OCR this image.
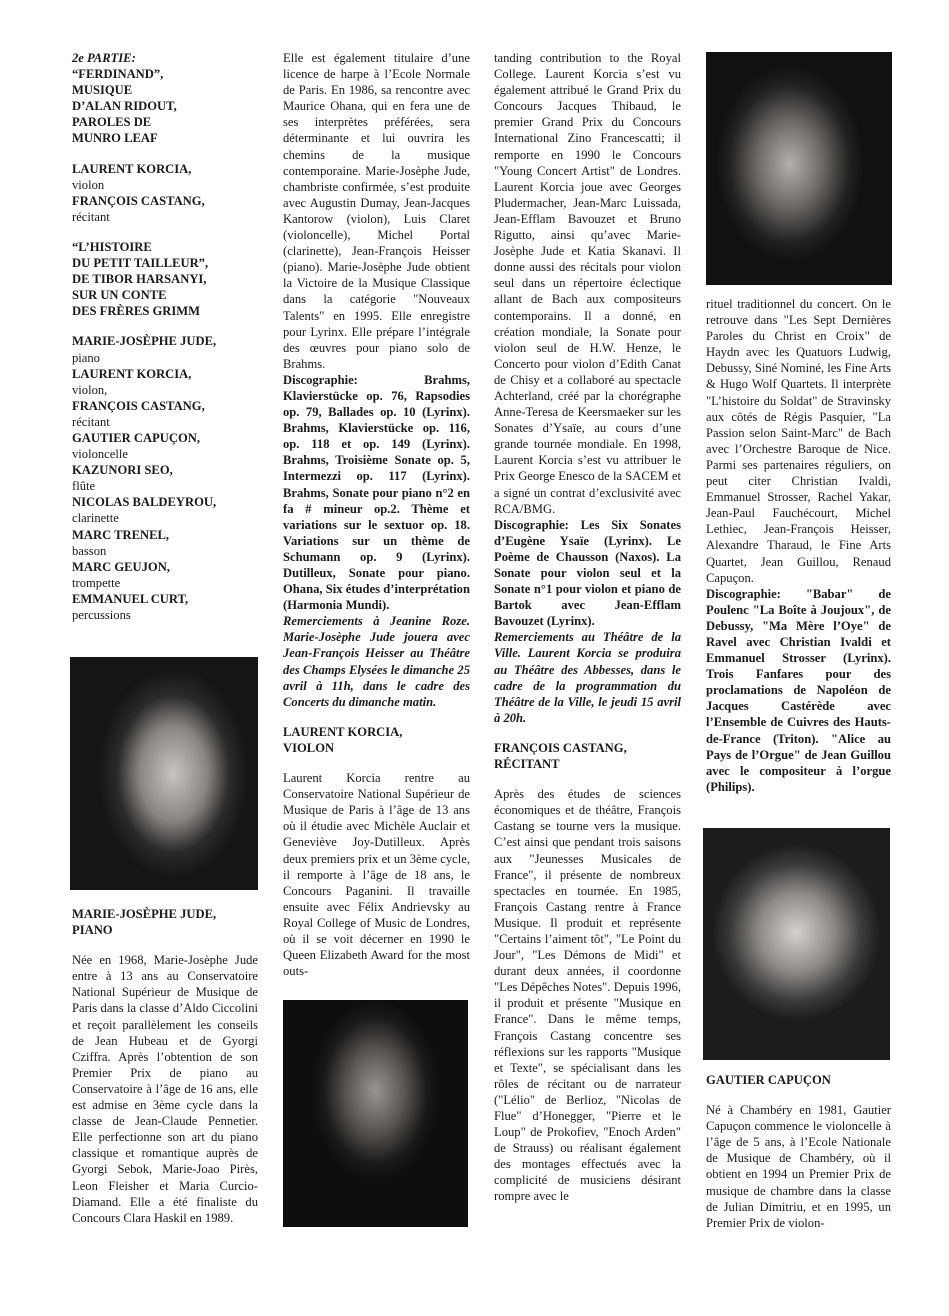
2e PARTIE:
“FERDINAND”,
MUSIQUE
D’ALAN RIDOUT,
PAROLES DE
MUNRO LEAF
LAURENT KORCIA,
violon
FRANÇOIS CASTANG,
récitant
“L’HISTOIRE
DU PETIT TAILLEUR”,
DE TIBOR HARSANYI,
SUR UN CONTE
DES FRÈRES GRIMM
MARIE-JOSÈPHE JUDE,
piano
LAURENT KORCIA,
violon,
FRANÇOIS CASTANG,
récitant
GAUTIER CAPUÇON,
violoncelle
KAZUNORI SEO,
flûte
NICOLAS BALDEYROU,
clarinette
MARC TRENEL,
basson
MARC GEUJON,
trompette
EMMANUEL CURT,
percussions
MARIE-JOSÈPHE JUDE,
PIANO

Née en 1968, Marie-Josèphe Jude entre à 13 ans au Conservatoire National Supérieur de Musique de Paris dans la classe d’Aldo Ciccolini et reçoit parallèlement les conseils de Jean Hubeau et de Gyorgi Cziffra. Après l’obtention de son Premier Prix de piano au Conservatoire à l’âge de 16 ans, elle est admise en 3ème cycle dans la classe de Jean-Claude Pennetier. Elle perfectionne son art du piano classique et romantique auprès de Gyorgi Sebok, Marie-Joao Pirès, Leon Fleisher et Maria Curcio-Diamand. Elle a été finaliste du Concours Clara Haskil en 1989.

Elle est également titulaire d’une licence de harpe à l’Ecole Normale de Paris. En 1986, sa rencontre avec Maurice Ohana, qui en fera une de ses interprètes préférées, sera déterminante et lui ouvrira les chemins de la musique contemporaine. Marie-Josèphe Jude, chambriste confirmée, s’est produite avec Augustin Dumay, Jean-Jacques Kantorow (violon), Luis Claret (violoncelle), Michel Portal (clarinette), Jean-François Heisser (piano). Marie-Josèphe Jude obtient la Victoire de la Musique Classique dans la catégorie "Nouveaux Talents" en 1995. Elle enregistre pour Lyrinx. Elle prépare l’intégrale des œuvres pour piano solo de Brahms.

Discographie: Brahms, Klavierstücke op. 76, Rapsodies op. 79, Ballades op. 10 (Lyrinx). Brahms, Klavierstücke op. 116, op. 118 et op. 149 (Lyrinx). Brahms, Troisième Sonate op. 5, Intermezzi op. 117 (Lyrinx). Brahms, Sonate pour piano n°2 en fa # mineur op.2. Thème et variations sur le sextuor op. 18. Variations sur un thème de Schumann op. 9 (Lyrinx). Dutilleux, Sonate pour piano. Ohana, Six études d’interprétation (Harmonia Mundi).

Remerciements à Jeanine Roze. Marie-Josèphe Jude jouera avec Jean-François Heisser au Théâtre des Champs Elysées le dimanche 25 avril à 11h, dans le cadre des Concerts du dimanche matin.

LAURENT KORCIA,
VIOLON

Laurent Korcia rentre au Conservatoire National Supérieur de Musique de Paris à l’âge de 13 ans où il étudie avec Michèle Auclair et Geneviève Joy-Dutilleux. Après deux premiers prix et un 3ème cycle, il remporte à l’âge de 18 ans, le Concours Paganini. Il travaille ensuite avec Félix Andrievsky au Royal College of Music de Londres, où il se voit décerner en 1990 le Queen Elizabeth Award for the most outs-

tanding contribution to the Royal College. Laurent Korcia s’est vu également attribué le Grand Prix du Concours Jacques Thibaud, le premier Grand Prix du Concours International Zino Francescatti; il remporte en 1990 le Concours "Young Concert Artist" de Londres. Laurent Korcia joue avec Georges Pludermacher, Jean-Marc Luissada, Jean-Efflam Bavouzet et Bruno Rigutto, ainsi qu’avec Marie-Josèphe Jude et Katia Skanavi. Il donne aussi des récitals pour violon seul dans un répertoire éclectique allant de Bach aux compositeurs contemporains. Il a donné, en création mondiale, la Sonate pour violon seul de H.W. Henze, le Concerto pour violon d’Edith Canat de Chisy et a collaboré au spectacle Achterland, créé par la chorégraphe Anne-Teresa de Keersmaeker sur les Sonates d’Ysaïe, au cours d’une grande tournée mondiale. En 1998, Laurent Korcia s’est vu attribuer le Prix George Enesco de la SACEM et a signé un contrat d’exclusivité avec RCA/BMG.

Discographie: Les Six Sonates d’Eugène Ysaïe (Lyrinx). Le Poème de Chausson (Naxos). La Sonate pour violon seul et la Sonate n°1 pour violon et piano de Bartok avec Jean-Efflam Bavouzet (Lyrinx).

Remerciements au Théâtre de la Ville. Laurent Korcia se produira au Théâtre des Abbesses, dans le cadre de la programmation du Théâtre de la Ville, le jeudi 15 avril à 20h.

FRANÇOIS CASTANG,
RÉCITANT

Après des études de sciences économiques et de théâtre, François Castang se tourne vers la musique. C’est ainsi que pendant trois saisons aux "Jeunesses Musicales de France", il présente de nombreux spectacles en tournée. En 1985, François Castang rentre à France Musique. Il produit et représente "Certains l’aiment tôt", "Le Point du Jour", "Les Démons de Midi" et durant deux années, il coordonne "Les Dépêches Notes". Depuis 1996, il produit et présente "Musique en France". Dans le même temps, François Castang concentre ses réflexions sur les rapports "Musique et Texte", se spécialisant dans les rôles de récitant ou de narrateur ("Lélio" de Berlioz, "Nicolas de Flue" d’Honegger, "Pierre et le Loup" de Prokofiev, "Enoch Arden" de Strauss) ou réalisant également des montages effectués avec la complicité de musiciens désirant rompre avec le

rituel traditionnel du concert. On le retrouve dans "Les Sept Dernières Paroles du Christ en Croix" de Haydn avec les Quatuors Ludwig, Debussy, Siné Nominé, les Fine Arts & Hugo Wolf Quartets. Il interprète "L’histoire du Soldat" de Stravinsky aux côtés de Régis Pasquier, "La Passion selon Saint-Marc" de Bach avec l’Orchestre Baroque de Nice. Parmi ses partenaires réguliers, on peut citer Christian Ivaldi, Emmanuel Strosser, Rachel Yakar, Jean-Paul Fauchécourt, Michel Lethiec, Jean-François Heisser, Alexandre Tharaud, le Fine Arts Quartet, Jean Guillou, Renaud Capuçon.

Discographie: "Babar" de Poulenc "La Boîte à Joujoux", de Debussy, "Ma Mère l’Oye" de Ravel avec Christian Ivaldi et Emmanuel Strosser (Lyrinx). Trois Fanfares pour des proclamations de Napoléon de Jacques Castérède avec l’Ensemble de Cuivres des Hauts-de-France (Triton). "Alice au Pays de l’Orgue" de Jean Guillou avec le compositeur à l’orgue (Philips).

GAUTIER CAPUÇON

Né à Chambéry en 1981, Gautier Capuçon commence le violoncelle à l’âge de 5 ans, à l’Ecole Nationale de Musique de Chambéry, où il obtient en 1994 un Premier Prix de musique de chambre dans la classe de Julian Dimitriu, et en 1995, un Premier Prix de violon-
